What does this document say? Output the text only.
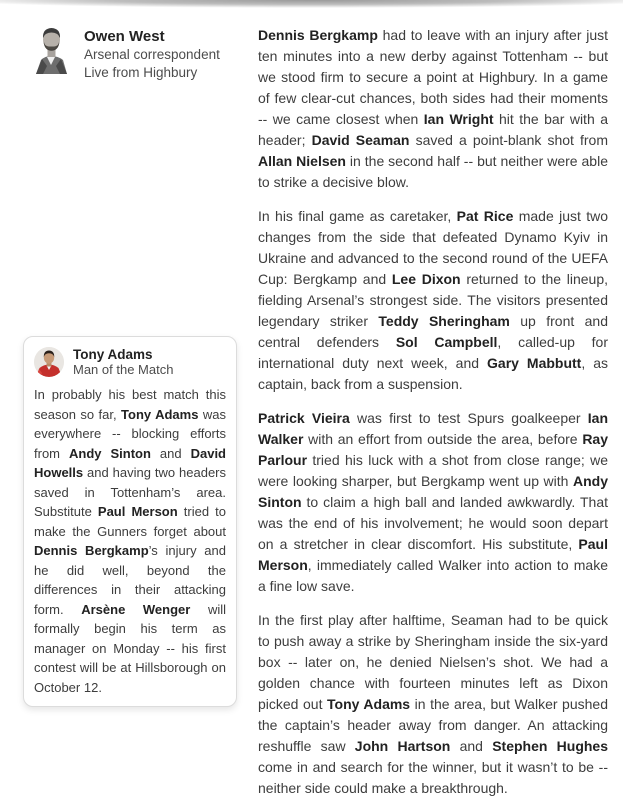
Owen West
Arsenal correspondent
Live from Highbury
Tony Adams
Man of the Match
In probably his best match this season so far, Tony Adams was everywhere -- blocking efforts from Andy Sinton and David Howells and having two headers saved in Tottenham’s area. Substitute Paul Merson tried to make the Gunners forget about Dennis Bergkamp’s injury and he did well, beyond the differences in their attacking form. Arsène Wenger will formally begin his term as manager on Monday -- his first contest will be at Hillsborough on October 12.

Dennis Bergkamp had to leave with an injury after just ten minutes into a new derby against Tottenham -- but we stood firm to secure a point at Highbury. In a game of few clear-cut chances, both sides had their moments -- we came closest when Ian Wright hit the bar with a header; David Seaman saved a point-blank shot from Allan Nielsen in the second half -- but neither were able to strike a decisive blow.

In his final game as caretaker, Pat Rice made just two changes from the side that defeated Dynamo Kyiv in Ukraine and advanced to the second round of the UEFA Cup: Bergkamp and Lee Dixon returned to the lineup, fielding Arsenal’s strongest side. The visitors presented legendary striker Teddy Sheringham up front and central defenders Sol Campbell, called-up for international duty next week, and Gary Mabbutt, as captain, back from a suspension.

Patrick Vieira was first to test Spurs goalkeeper Ian Walker with an effort from outside the area, before Ray Parlour tried his luck with a shot from close range; we were looking sharper, but Bergkamp went up with Andy Sinton to claim a high ball and landed awkwardly. That was the end of his involvement; he would soon depart on a stretcher in clear discomfort. His substitute, Paul Merson, immediately called Walker into action to make a fine low save.

In the first play after halftime, Seaman had to be quick to push away a strike by Sheringham inside the six-yard box -- later on, he denied Nielsen’s shot. We had a golden chance with fourteen minutes left as Dixon picked out Tony Adams in the area, but Walker pushed the captain’s header away from danger. An attacking reshuffle saw John Hartson and Stephen Hughes come in and search for the winner, but it wasn’t to be -- neither side could make a breakthrough.
